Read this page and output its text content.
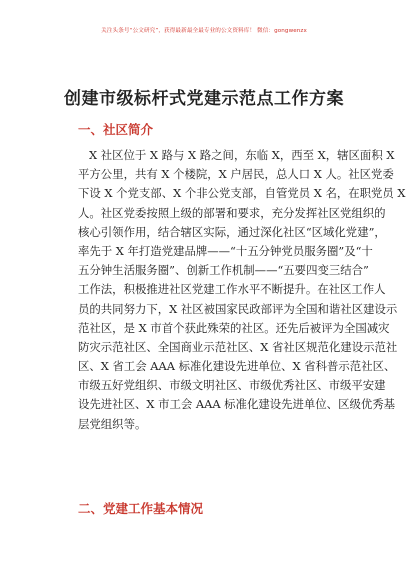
关注头条号“公文研究”，获得最新最全最专业的公文资料库！ 微信：gongwenzx
创建市级标杆式党建示范点工作方案
一、社区简介
X 社区位于 X 路与 X 路之间，东临 X，西至 X，辖区面积 X
平方公里，共有 X 个楼院，X 户居民，总人口 X 人。社区党委
下设 X 个党支部、X 个非公党支部，自管党员 X 名，在职党员 X
人。社区党委按照上级的部署和要求，充分发挥社区党组织的
核心引领作用，结合辖区实际，通过深化社区“区域化党建”，
率先于 X 年打造党建品牌——“十五分钟党员服务圈”及“十
五分钟生活服务圈”、创新工作机制——“五要四变三结合”
工作法，积极推进社区党建工作水平不断提升。在社区工作人
员的共同努力下，X 社区被国家民政部评为全国和谐社区建设示
范社区，是 X 市首个获此殊荣的社区。还先后被评为全国减灾
防灾示范社区、全国商业示范社区、X 省社区规范化建设示范社
区、X 省工会 AAA 标准化建设先进单位、X 省科普示范社区、
市级五好党组织、市级文明社区、市级优秀社区、市级平安建
设先进社区、X 市工会 AAA 标准化建设先进单位、区级优秀基
层党组织等。
二、党建工作基本情况
